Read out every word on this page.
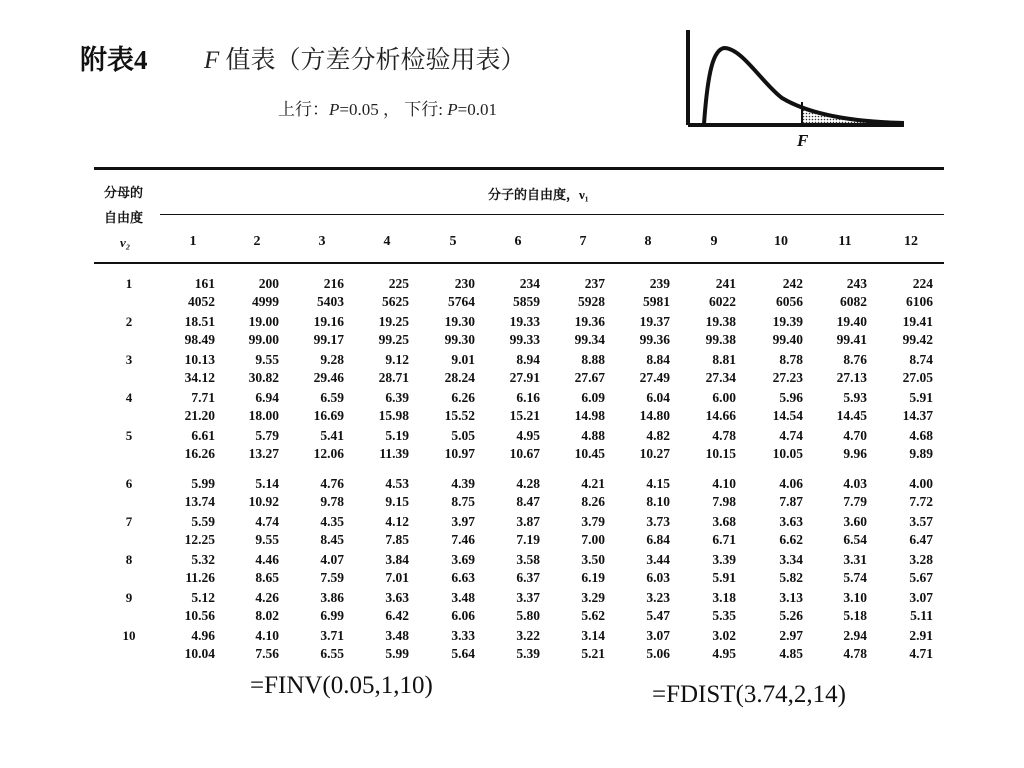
附表4 F 值表（方差分析检验用表）
上行：P=0.05 ， 下行: P=0.01
F
分母的
自由度
ν₂
分子的自由度，ν₁
1	2	3	4	5	6	7	8	9	10	11	12
1	161	200	216	225	230	234	237	239	241	242	243	224
4052	4999	5403	5625	5764	5859	5928	5981	6022	6056	6082	6106
2	18.51	19.00	19.16	19.25	19.30	19.33	19.36	19.37	19.38	19.39	19.40	19.41
98.49	99.00	99.17	99.25	99.30	99.33	99.34	99.36	99.38	99.40	99.41	99.42
3	10.13	9.55	9.28	9.12	9.01	8.94	8.88	8.84	8.81	8.78	8.76	8.74
34.12	30.82	29.46	28.71	28.24	27.91	27.67	27.49	27.34	27.23	27.13	27.05
4	7.71	6.94	6.59	6.39	6.26	6.16	6.09	6.04	6.00	5.96	5.93	5.91
21.20	18.00	16.69	15.98	15.52	15.21	14.98	14.80	14.66	14.54	14.45	14.37
5	6.61	5.79	5.41	5.19	5.05	4.95	4.88	4.82	4.78	4.74	4.70	4.68
16.26	13.27	12.06	11.39	10.97	10.67	10.45	10.27	10.15	10.05	9.96	9.89
6	5.99	5.14	4.76	4.53	4.39	4.28	4.21	4.15	4.10	4.06	4.03	4.00
13.74	10.92	9.78	9.15	8.75	8.47	8.26	8.10	7.98	7.87	7.79	7.72
7	5.59	4.74	4.35	4.12	3.97	3.87	3.79	3.73	3.68	3.63	3.60	3.57
12.25	9.55	8.45	7.85	7.46	7.19	7.00	6.84	6.71	6.62	6.54	6.47
8	5.32	4.46	4.07	3.84	3.69	3.58	3.50	3.44	3.39	3.34	3.31	3.28
11.26	8.65	7.59	7.01	6.63	6.37	6.19	6.03	5.91	5.82	5.74	5.67
9	5.12	4.26	3.86	3.63	3.48	3.37	3.29	3.23	3.18	3.13	3.10	3.07
10.56	8.02	6.99	6.42	6.06	5.80	5.62	5.47	5.35	5.26	5.18	5.11
10	4.96	4.10	3.71	3.48	3.33	3.22	3.14	3.07	3.02	2.97	2.94	2.91
10.04	7.56	6.55	5.99	5.64	5.39	5.21	5.06	4.95	4.85	4.78	4.71
=FINV(0.05,1,10)	=FDIST(3.74,2,14)
